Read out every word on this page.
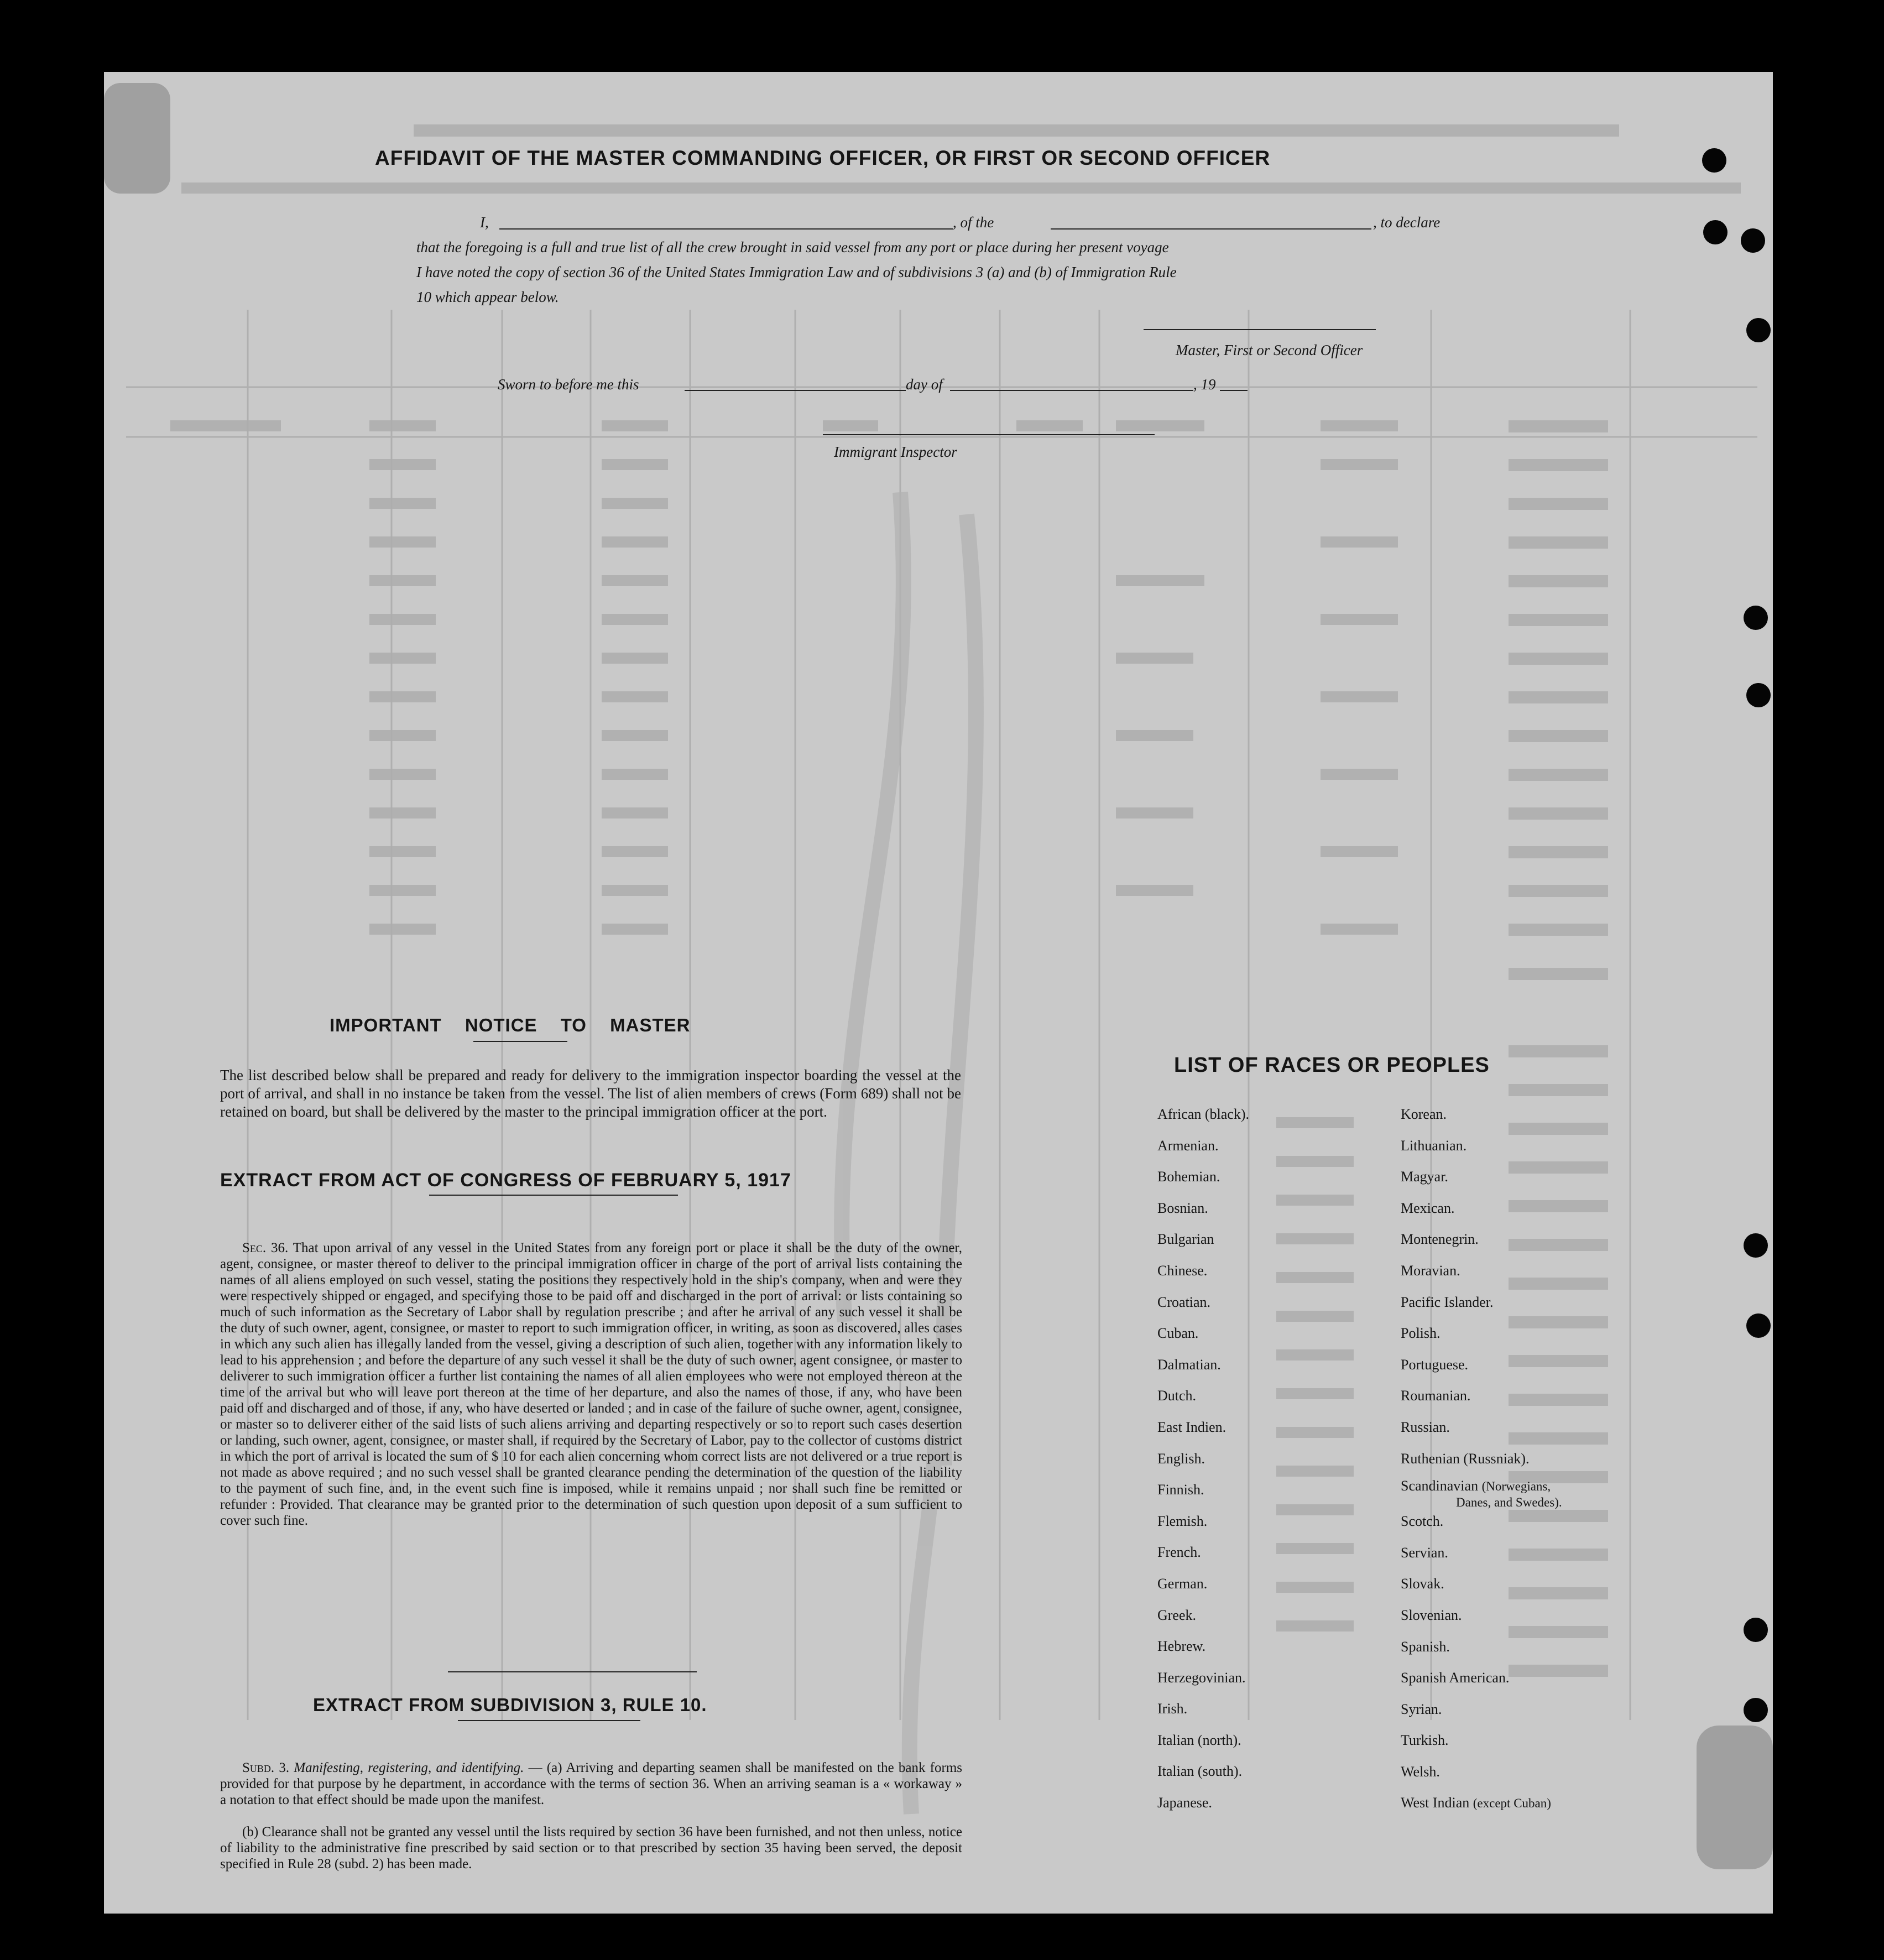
AFFIDAVIT OF THE MASTER COMMANDING OFFICER, OR FIRST OR SECOND OFFICER
I,	, of the	, to declare
that the foregoing is a full and true list of all the crew brought in said vessel from any port or place during her present voyage
I have noted the copy of section 36 of the United States Immigration Law and of subdivisions 3 (a) and (b) of Immigration Rule
10 which appear below.
Master, First or Second Officer
Sworn to before me this	day of	, 19
Immigrant Inspector
IMPORTANT NOTICE TO MASTER
The list described below shall be prepared and ready for delivery to the immigration inspector boarding the vessel at the port of arrival, and shall in no instance be taken from the vessel. The list of alien members of crews (Form 689) shall not be retained on board, but shall be delivered by the master to the principal immigration officer at the port.
EXTRACT FROM ACT OF CONGRESS OF FEBRUARY 5, 1917
Sec. 36. That upon arrival of any vessel in the United States from any foreign port or place it shall be the duty of the owner, agent, consignee, or master thereof to deliver to the principal immigration officer in charge of the port of arrival lists containing the names of all aliens employed on such vessel, stating the positions they respectively hold in the ship's company, when and were they were respectively shipped or engaged, and specifying those to be paid off and discharged in the port of arrival: or lists containing so much of such information as the Secretary of Labor shall by regulation prescribe ; and after he arrival of any such vessel it shall be the duty of such owner, agent, consignee, or master to report to such immigration officer, in writing, as soon as discovered, alles cases in which any such alien has illegally landed from the vessel, giving a description of such alien, together with any information likely to lead to his apprehension ; and before the departure of any such vessel it shall be the duty of such owner, agent consignee, or master to deliverer to such immigration officer a further list containing the names of all alien employees who were not employed thereon at the time of the arrival but who will leave port thereon at the time of her departure, and also the names of those, if any, who have been paid off and discharged and of those, if any, who have deserted or landed ; and in case of the failure of suche owner, agent, consignee, or master so to deliverer either of the said lists of such aliens arriving and departing respectively or so to report such cases desertion or landing, such owner, agent, consignee, or master shall, if required by the Secretary of Labor, pay to the collector of customs district in which the port of arrival is located the sum of $ 10 for each alien concerning whom correct lists are not delivered or a true report is not made as above required ; and no such vessel shall be granted clearance pending the determination of the question of the liability to the payment of such fine, and, in the event such fine is imposed, while it remains unpaid ; nor shall such fine be remitted or refunder : Provided. That clearance may be granted prior to the determination of such question upon deposit of a sum sufficient to cover such fine.
EXTRACT FROM SUBDIVISION 3, RULE 10.
Subd. 3. Manifesting, registering, and identifying. — (a) Arriving and departing seamen shall be manifested on the bank forms provided for that purpose by he department, in accordance with the terms of section 36. When an arriving seaman is a « workaway » a notation to that effect should be made upon the manifest.
(b) Clearance shall not be granted any vessel until the lists required by section 36 have been furnished, and not then unless, notice of liability to the administrative fine prescribed by said section or to that prescribed by section 35 having been served, the deposit specified in Rule 28 (subd. 2) has been made.
LIST OF RACES OR PEOPLES
African (black).
Armenian.
Bohemian.
Bosnian.
Bulgarian
Chinese.
Croatian.
Cuban.
Dalmatian.
Dutch.
East Indien.
English.
Finnish.
Flemish.
French.
German.
Greek.
Hebrew.
Herzegovinian.
Irish.
Italian (north).
Italian (south).
Japanese.
Korean.
Lithuanian.
Magyar.
Mexican.
Montenegrin.
Moravian.
Pacific Islander.
Polish.
Portuguese.
Roumanian.
Russian.
Ruthenian (Russniak).
Scandinavian (Norwegians,
Danes, and Swedes).
Scotch.
Servian.
Slovak.
Slovenian.
Spanish.
Spanish American.
Syrian.
Turkish.
Welsh.
West Indian (except Cuban)
